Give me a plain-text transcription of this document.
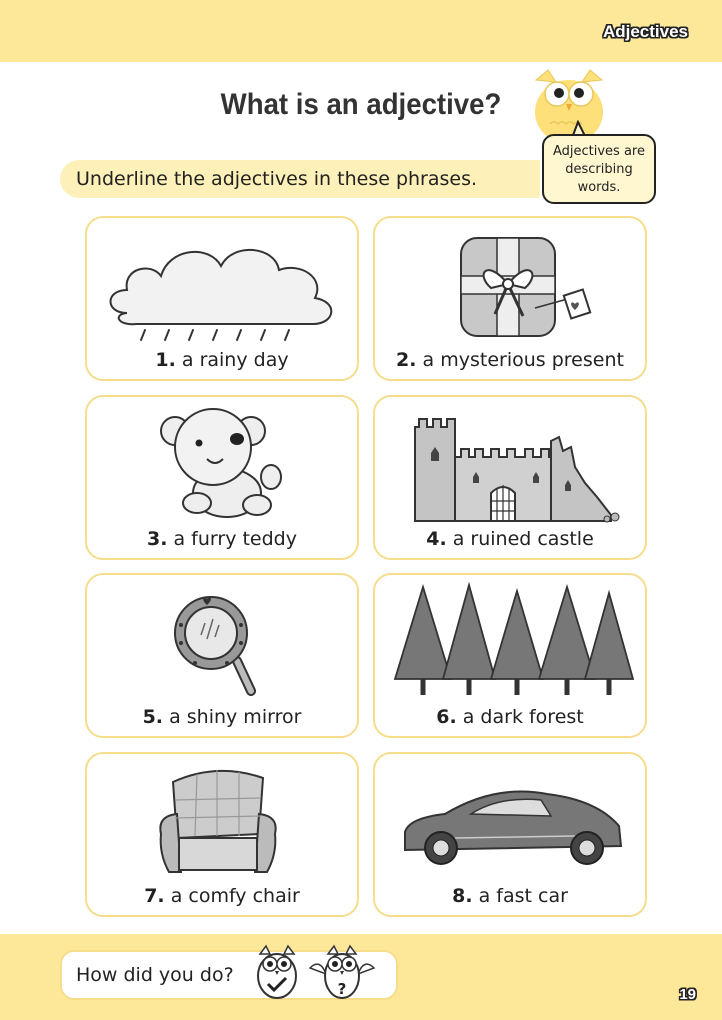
Adjectives
What is an adjective?
Adjectives are describing words.
Underline the adjectives in these phrases.
1. a rainy day	2. a mysterious present
3. a furry teddy	4. a ruined castle
5. a shiny mirror	6. a dark forest
7. a comfy chair	8. a fast car
How did you do?
?	19
